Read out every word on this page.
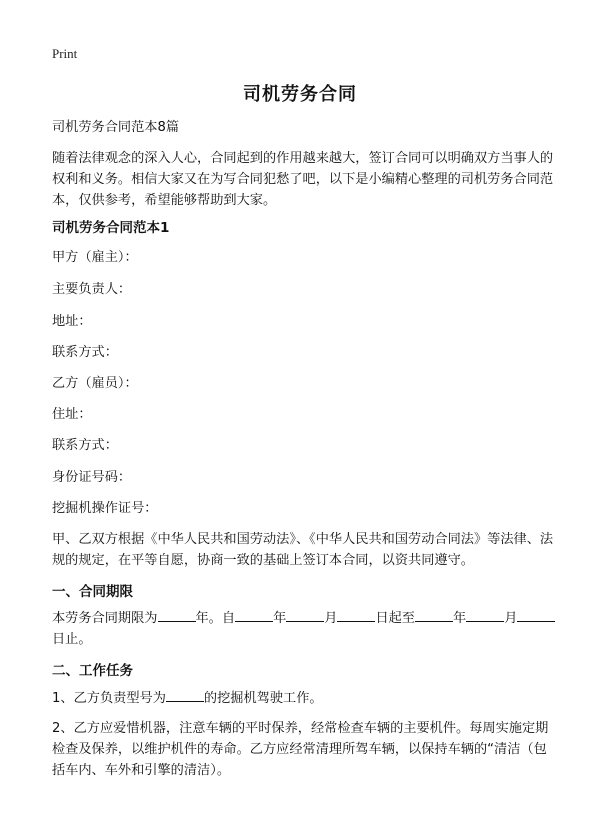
Print
司机劳务合同

司机劳务合同范本8篇

随着法律观念的深入人心，合同起到的作用越来越大，签订合同可以明确双方当事人的权利和义务。相信大家又在为写合同犯愁了吧，以下是小编精心整理的司机劳务合同范本，仅供参考，希望能够帮助到大家。

司机劳务合同范本1

甲方（雇主）：

主要负责人：

地址：

联系方式：

乙方（雇员）：

住址：

联系方式：

身份证号码：

挖掘机操作证号：

甲、乙双方根据《中华人民共和国劳动法》、《中华人民共和国劳动合同法》等法律、法规的规定，在平等自愿，协商一致的基础上签订本合同，以资共同遵守。

一、合同期限

本劳务合同期限为	年。自	年	月	日起至	年	月日止。

二、工作任务

1、乙方负责型号为	的挖掘机驾驶工作。

2、乙方应爱惜机器，注意车辆的平时保养，经常检查车辆的主要机件。每周实施定期检查及保养，以维护机件的寿命。乙方应经常清理所驾车辆，以保持车辆的“清洁（包括车内、车外和引擎的清洁）。
